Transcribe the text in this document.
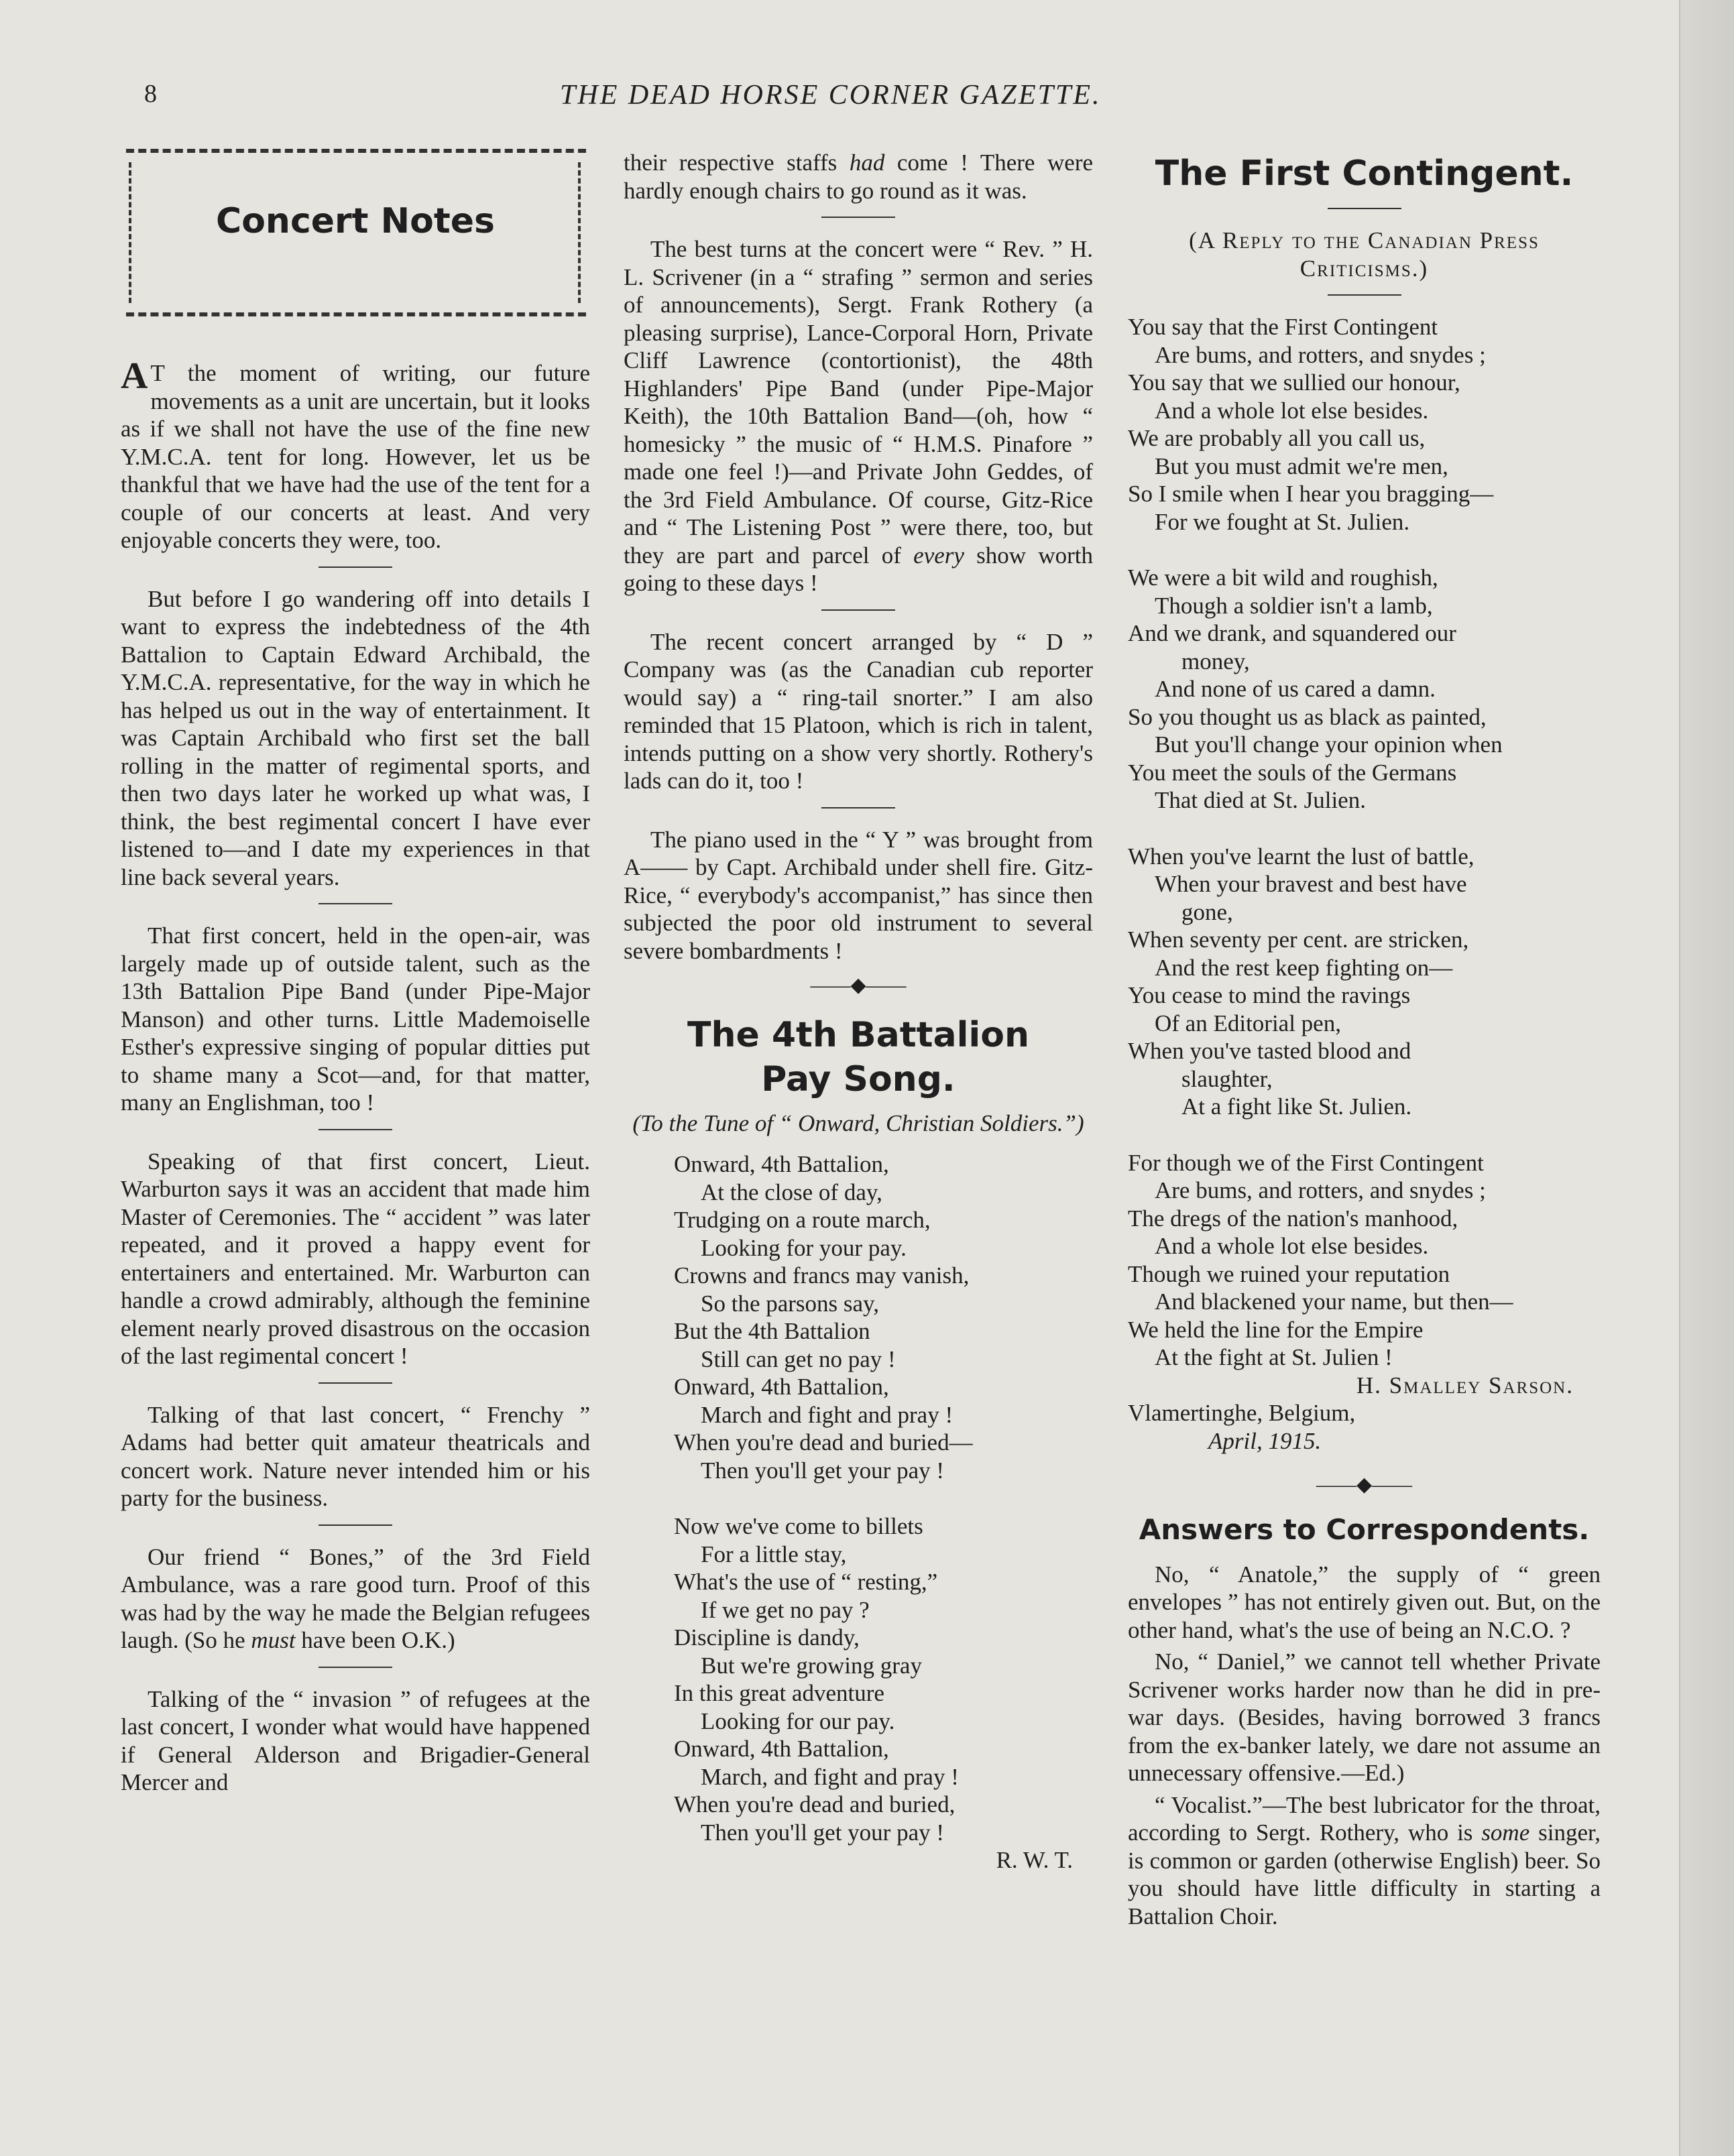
8	THE DEAD HORSE CORNER GAZETTE.
Concert Notes

A T the moment of writing, our future movements as a unit are uncertain, but it looks as if we shall not have the use of the fine new Y.M.C.A. tent for long. However, let us be thankful that we have had the use of the tent for a couple of our concerts at least. And very enjoyable concerts they were, too.

But before I go wandering off into details I want to express the indebtedness of the 4th Battalion to Captain Edward Archibald, the Y.M.C.A. representative, for the way in which he has helped us out in the way of entertainment. It was Captain Archibald who first set the ball rolling in the matter of regimental sports, and then two days later he worked up what was, I think, the best regimental concert I have ever listened to—and I date my experiences in that line back several years.

That first concert, held in the open-air, was largely made up of outside talent, such as the 13th Battalion Pipe Band (under Pipe-Major Manson) and other turns. Little Mademoiselle Esther's expressive singing of popular ditties put to shame many a Scot—and, for that matter, many an Englishman, too !

Speaking of that first concert, Lieut. Warburton says it was an accident that made him Master of Ceremonies. The “ accident ” was later repeated, and it proved a happy event for entertainers and entertained. Mr. Warburton can handle a crowd admirably, although the feminine element nearly proved disastrous on the occasion of the last regimental concert !

Talking of that last concert, “ Frenchy ” Adams had better quit amateur theatricals and concert work. Nature never intended him or his party for the business.

Our friend “ Bones,” of the 3rd Field Ambulance, was a rare good turn. Proof of this was had by the way he made the Belgian refugees laugh. (So he must have been O.K.)

Talking of the “ invasion ” of refugees at the last concert, I wonder what would have happened if General Alderson and Brigadier-General Mercer and

their respective staffs had come ! There were hardly enough chairs to go round as it was.

The best turns at the concert were “ Rev. ” H. L. Scrivener (in a “ strafing ” sermon and series of announcements), Sergt. Frank Rothery (a pleasing surprise), Lance-Corporal Horn, Private Cliff Lawrence (contortionist), the 48th Highlanders' Pipe Band (under Pipe-Major Keith), the 10th Battalion Band—(oh, how “ homesicky ” the music of “ H.M.S. Pinafore ” made one feel !)—and Private John Geddes, of the 3rd Field Ambulance. Of course, Gitz-Rice and “ The Listening Post ” were there, too, but they are part and parcel of every show worth going to these days !

The recent concert arranged by “ D ” Company was (as the Canadian cub reporter would say) a “ ring-tail snorter.” I am also reminded that 15 Platoon, which is rich in talent, intends putting on a show very shortly. Rothery's lads can do it, too !

The piano used in the “ Y ” was brought from A—— by Capt. Archibald under shell fire. Gitz-Rice, “ everybody's accompanist,” has since then subjected the poor old instrument to several severe bombardments !

——◆——
The 4th Battalion
Pay Song.
(To the Tune of “ Onward, Christian Soldiers.”)
Onward, 4th Battalion,
At the close of day,
Trudging on a route march,
Looking for your pay.
Crowns and francs may vanish,
So the parsons say,
But the 4th Battalion
Still can get no pay !
Onward, 4th Battalion,
March and fight and pray !
When you're dead and buried—
Then you'll get your pay !
Now we've come to billets
For a little stay,
What's the use of “ resting,”
If we get no pay ?
Discipline is dandy,
But we're growing gray
In this great adventure
Looking for our pay.
Onward, 4th Battalion,
March, and fight and pray !
When you're dead and buried,
Then you'll get your pay !
R. W. T.
The First Contingent.
(A Reply to the Canadian Press
Criticisms.)
You say that the First Contingent
Are bums, and rotters, and snydes ;
You say that we sullied our honour,
And a whole lot else besides.
We are probably all you call us,
But you must admit we're men,
So I smile when I hear you bragging—
For we fought at St. Julien.
We were a bit wild and roughish,
Though a soldier isn't a lamb,
And we drank, and squandered our
money,
And none of us cared a damn.
So you thought us as black as painted,
But you'll change your opinion when
You meet the souls of the Germans
That died at St. Julien.
When you've learnt the lust of battle,
When your bravest and best have
gone,
When seventy per cent. are stricken,
And the rest keep fighting on—
You cease to mind the ravings
Of an Editorial pen,
When you've tasted blood and
slaughter,
At a fight like St. Julien.
For though we of the First Contingent
Are bums, and rotters, and snydes ;
The dregs of the nation's manhood,
And a whole lot else besides.
Though we ruined your reputation
And blackened your name, but then—
We held the line for the Empire
At the fight at St. Julien !
H. Smalley Sarson.
Vlamertinghe, Belgium,
April, 1915.
——◆——
Answers to Correspondents.

No, “ Anatole,” the supply of “ green envelopes ” has not entirely given out. But, on the other hand, what's the use of being an N.C.O. ?

No, “ Daniel,” we cannot tell whether Private Scrivener works harder now than he did in pre-war days. (Besides, having borrowed 3 francs from the ex-banker lately, we dare not assume an unnecessary offensive.—Ed.)

“ Vocalist.”—The best lubricator for the throat, according to Sergt. Rothery, who is some singer, is common or garden (otherwise English) beer. So you should have little difficulty in starting a Battalion Choir.
